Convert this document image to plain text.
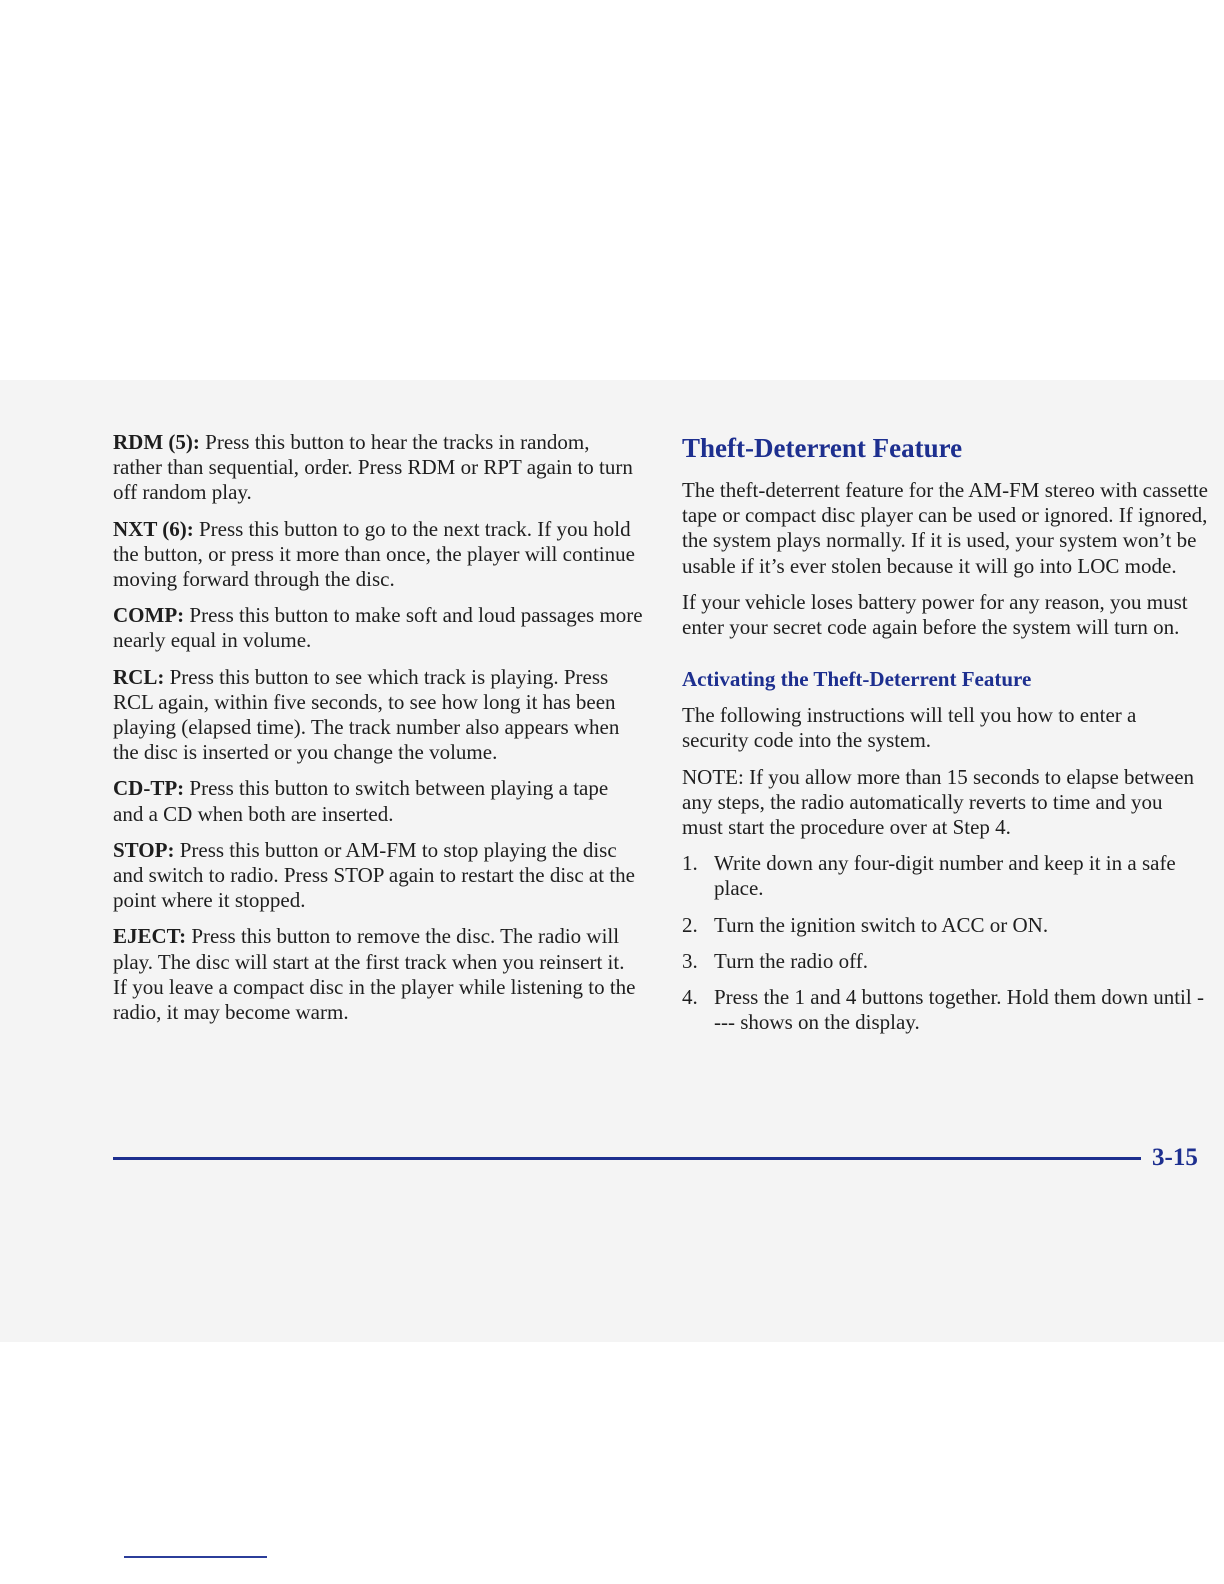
RDM (5): Press this button to hear the tracks in random, rather than sequential, order. Press RDM or RPT again to turn off random play.

NXT (6): Press this button to go to the next track. If you hold the button, or press it more than once, the player will continue moving forward through the disc.

COMP: Press this button to make soft and loud passages more nearly equal in volume.

RCL: Press this button to see which track is playing. Press RCL again, within five seconds, to see how long it has been playing (elapsed time). The track number also appears when the disc is inserted or you change the volume.

CD-TP: Press this button to switch between playing a tape and a CD when both are inserted.

STOP: Press this button or AM-FM to stop playing the disc and switch to radio. Press STOP again to restart the disc at the point where it stopped.

EJECT: Press this button to remove the disc. The radio will play. The disc will start at the first track when you reinsert it. If you leave a compact disc in the player while listening to the radio, it may become warm.

Theft-Deterrent Feature

The theft-deterrent feature for the AM-FM stereo with cassette tape or compact disc player can be used or ignored. If ignored, the system plays normally. If it is used, your system won’t be usable if it’s ever stolen because it will go into LOC mode.

If your vehicle loses battery power for any reason, you must enter your secret code again before the system will turn on.

Activating the Theft-Deterrent Feature

The following instructions will tell you how to enter a security code into the system.

NOTE: If you allow more than 15 seconds to elapse between any steps, the radio automatically reverts to time and you must start the procedure over at Step 4.

1. Write down any four-digit number and keep it in a safe place.
2. Turn the ignition switch to ACC or ON.
3. Turn the radio off.
4. Press the 1 and 4 buttons together. Hold them down until ---- shows on the display.
3-15
